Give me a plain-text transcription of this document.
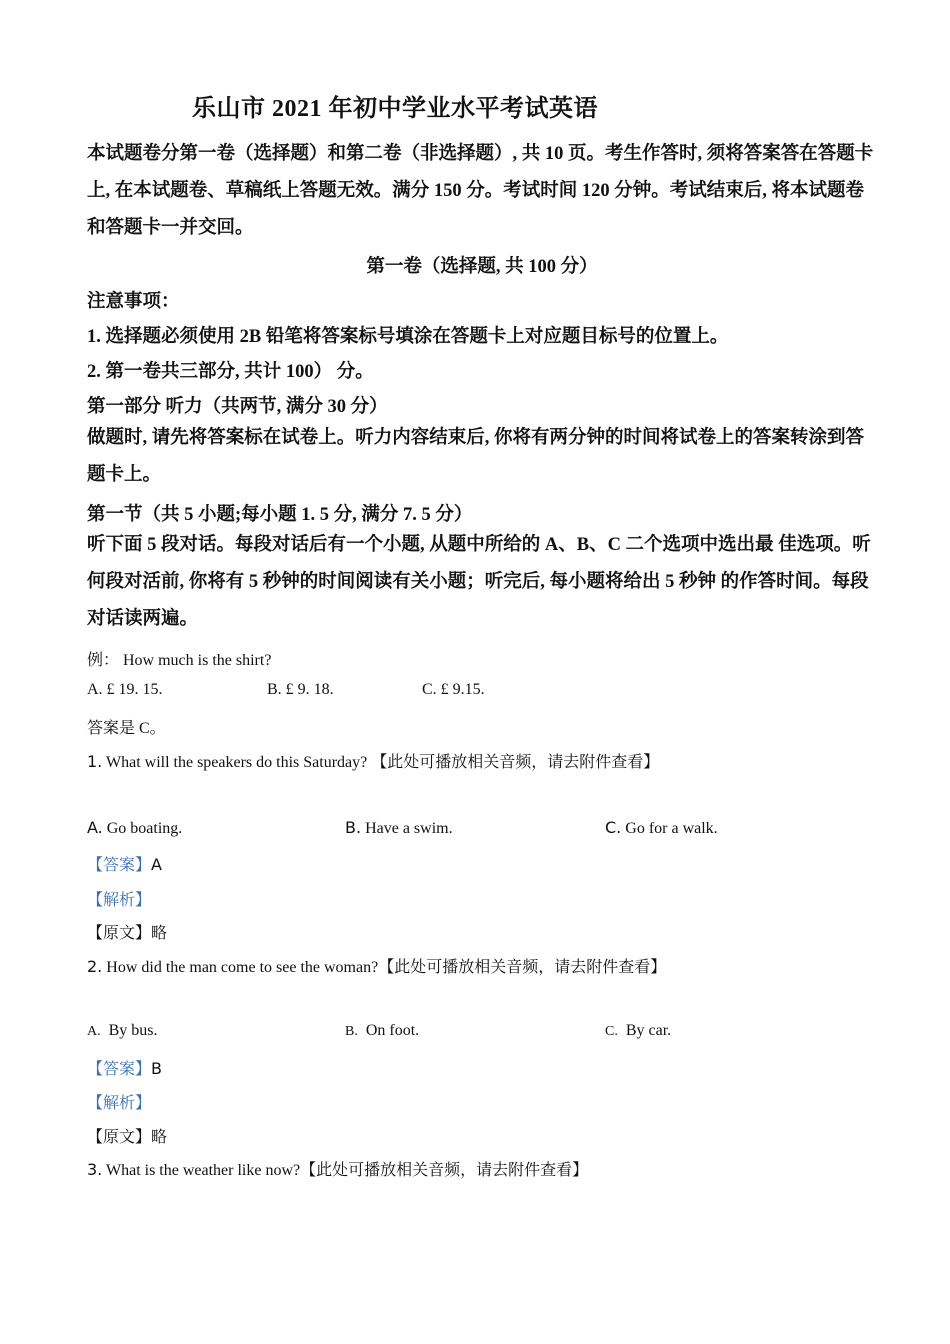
乐山市 2021 年初中学业水平考试英语
本试题卷分第一卷（选择题）和第二卷（非选择题）, 共 10 页。考生作答时, 须将答案答在答题卡上, 在本试题卷、草稿纸上答题无效。满分 150 分。考试时间 120 分钟。考试结束后, 将本试题卷和答题卡一并交回。
第一卷（选择题, 共 100 分）
注意事项：
1. 选择题必须使用 2B 铅笔将答案标号填涂在答题卡上对应题目标号的位置上。
2. 第一卷共三部分, 共计 100） 分。
第一部分 听力（共两节, 满分 30 分）
做题时, 请先将答案标在试卷上。听力内容结束后, 你将有两分钟的时间将试卷上的答案转涂到答题卡上。
第一节（共 5 小题;每小题 1. 5 分, 满分 7. 5 分）
听下面 5 段对话。每段对话后有一个小题, 从题中所给的 A、B、C 二个选项中选出最 佳选项。听何段对活前, 你将有 5 秒钟的时间阅读有关小题；听完后, 每小题将给出 5 秒钟 的作答时间。每段对话读两遍。
例： How much is the shirt?
A. £ 19. 15.	B. £ 9. 18.	C. £ 9.15.
答案是 C。
1. What will the speakers do this Saturday? 【此处可播放相关音频，请去附件查看】
A. Go boating.	B. Have a swim.	C. Go for a walk.
【答案】A
【解析】
【原文】略
2. How did the man come to see the woman?【此处可播放相关音频，请去附件查看】
A. By bus.	B. On foot.	C. By car.
【答案】B
【解析】
【原文】略
3. What is the weather like now?【此处可播放相关音频，请去附件查看】
